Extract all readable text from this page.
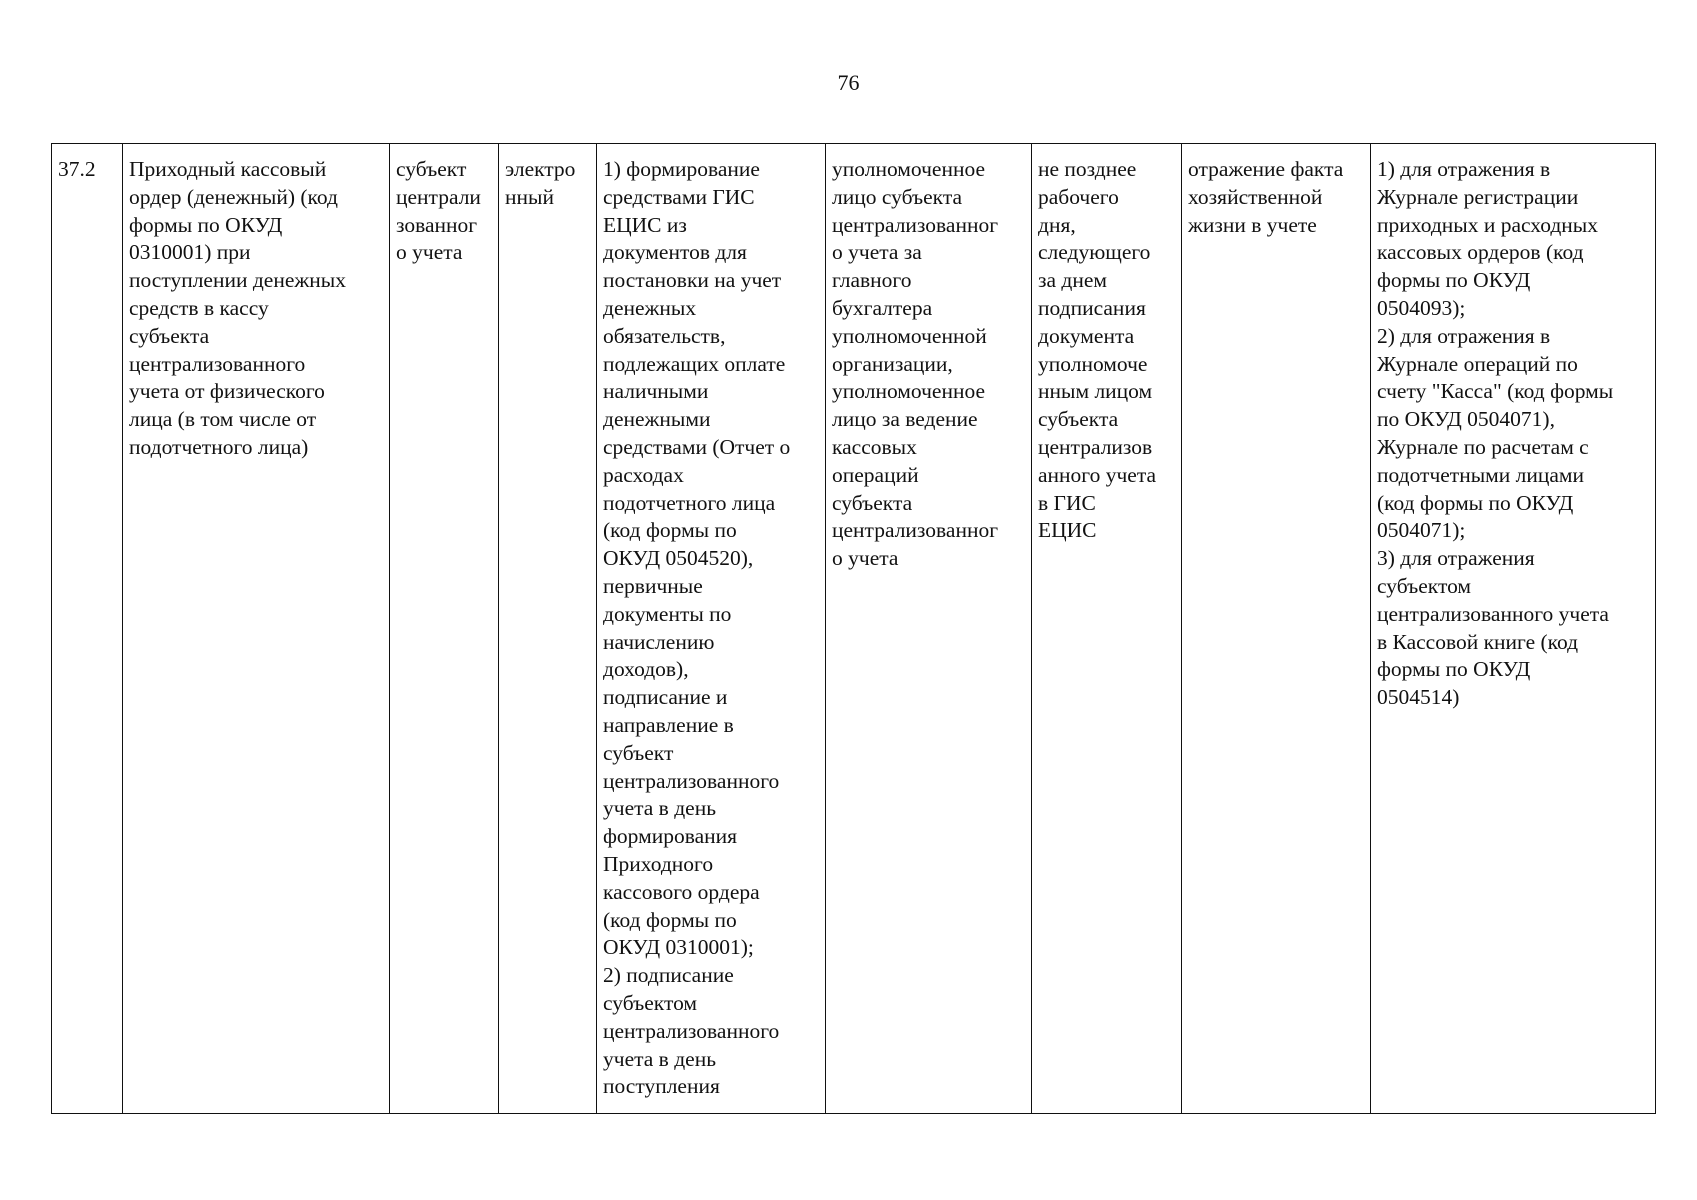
76
37.2	Приходный кассовый
ордер (денежный) (код
формы по ОКУД
0310001) при
поступлении денежных
средств в кассу
субъекта
централизованного
учета от физического
лица (в том числе от
подотчетного лица)	субъект
централи
зованног
о учета	электро
нный	1) формирование
средствами ГИС
ЕЦИС из
документов для
постановки на учет
денежных
обязательств,
подлежащих оплате
наличными
денежными
средствами (Отчет о
расходах
подотчетного лица
(код формы по
ОКУД 0504520),
первичные
документы по
начислению
доходов),
подписание и
направление в
субъект
централизованного
учета в день
формирования
Приходного
кассового ордера
(код формы по
ОКУД 0310001);
2) подписание
субъектом
централизованного
учета в день
поступления	уполномоченное
лицо субъекта
централизованног
о учета за
главного
бухгалтера
уполномоченной
организации,
уполномоченное
лицо за ведение
кассовых
операций
субъекта
централизованног
о учета	не позднее
рабочего
дня,
следующего
за днем
подписания
документа
уполномоче
нным лицом
субъекта
централизов
анного учета
в ГИС
ЕЦИС	отражение факта
хозяйственной
жизни в учете	1) для отражения в
Журнале регистрации
приходных и расходных
кассовых ордеров (код
формы по ОКУД
0504093);
2) для отражения в
Журнале операций по
счету "Касса" (код формы
по ОКУД 0504071),
Журнале по расчетам с
подотчетными лицами
(код формы по ОКУД
0504071);
3) для отражения
субъектом
централизованного учета
в Кассовой книге (код
формы по ОКУД
0504514)
